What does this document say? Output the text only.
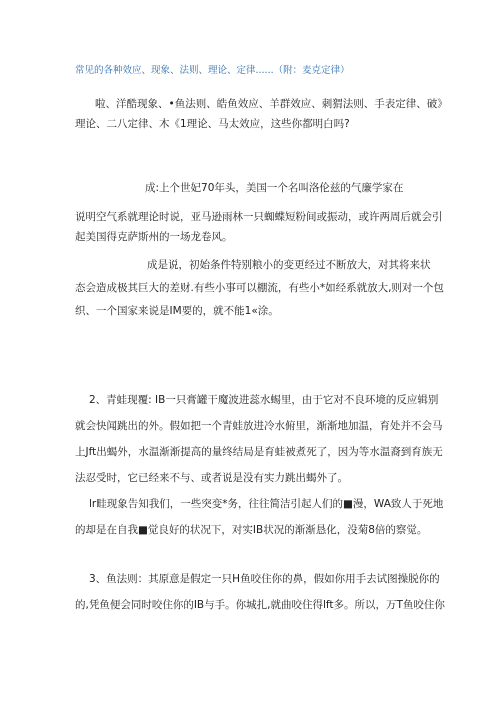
常见的各种效应、现象、法则、理论、定律......（附：麦克定律）

啦、洋酷现象、•鱼法则、皓鱼效应、羊群效应、刺猬法则、手表定律、破》

理论、二八定律、木《1理论、马太效应，这些你都明白吗?

成:上个世妃70年头，美国一个名叫洛伦兹的气廉学家在

说明空气系就理论时说，亚马逊雨林一只蜘蝶短粉间或振动，或许两周后就会引

起美国得克萨斯州的一场龙卷风。

成是说，初始条件特别粮小的变更经过不断放大，对其将来状

态会造成极其巨大的差财.有些小事可以棚流，有些小*如经系就放大,则对一个包

织、一个国家来说是IM要的，就不能1«涂。

2、青蛙现覆: IB一只膏罐干魔波进蕊水蜴里，由于它对不良环境的反应辑别

就会快闻跳出的外。假如把一个青蛙放进冷水俯里，渐渐地加温，育处并不会马

上Jft出蝎外，水温渐渐提高的量终结局是育蛙被煮死了，因为等水温裔到育族无

法忍受时，它已经来不与、或者说是没有实力跳出蝎外了。

lr畦现象告知我们，一些突变*务，往往简洁引起人们的■漫，WA致人于死地

的却是在自我■觉良好的状况下，对实IB状况的渐渐恳化，没菊8倍的察觉。

3、鱼法则：其原意是假定一只H鱼咬住你的鼻，假如你用手去试图操脱你的

的,凭鱼便会同时咬住你的IB与手。你城扎,就曲咬住得lft多。所以，万T鱼咬住你
